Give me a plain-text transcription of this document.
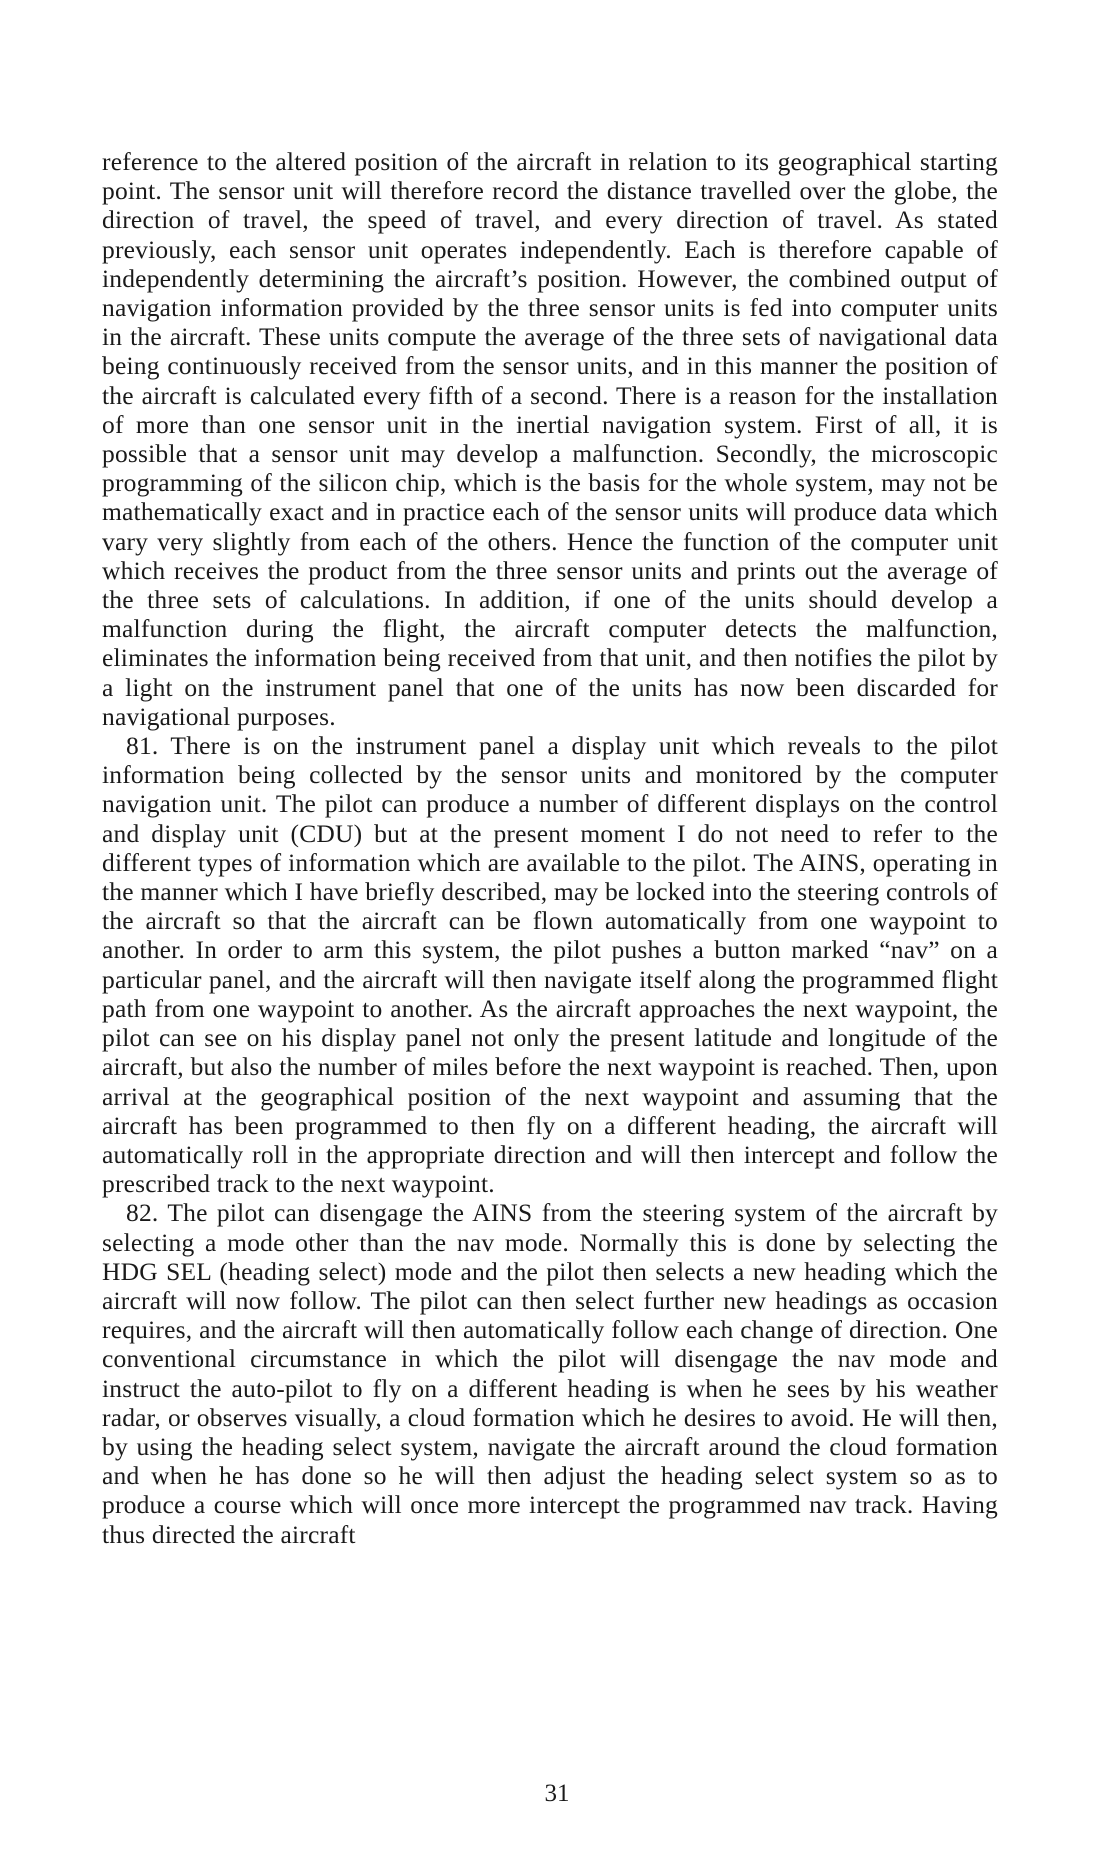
reference to the altered position of the aircraft in relation to its geographical starting point. The sensor unit will therefore record the distance travelled over the globe, the direction of travel, the speed of travel, and every direction of travel. As stated previously, each sensor unit operates independently. Each is therefore capable of independently determining the aircraft’s position. However, the combined output of navigation information provided by the three sensor units is fed into computer units in the aircraft. These units compute the average of the three sets of navigational data being continuously received from the sensor units, and in this manner the position of the aircraft is calculated every fifth of a second. There is a reason for the installation of more than one sensor unit in the inertial navigation system. First of all, it is possible that a sensor unit may develop a malfunction. Secondly, the microscopic programming of the silicon chip, which is the basis for the whole system, may not be mathematically exact and in practice each of the sensor units will produce data which vary very slightly from each of the others. Hence the function of the computer unit which receives the product from the three sensor units and prints out the average of the three sets of calculations. In addition, if one of the units should develop a malfunction during the flight, the aircraft computer detects the malfunction, eliminates the information being received from that unit, and then notifies the pilot by a light on the instrument panel that one of the units has now been discarded for navigational purposes.

81. There is on the instrument panel a display unit which reveals to the pilot information being collected by the sensor units and monitored by the computer navigation unit. The pilot can produce a number of different displays on the control and display unit (CDU) but at the present moment I do not need to refer to the different types of information which are available to the pilot. The AINS, operating in the manner which I have briefly described, may be locked into the steering controls of the aircraft so that the aircraft can be flown automatically from one waypoint to another. In order to arm this system, the pilot pushes a button marked “nav” on a particular panel, and the aircraft will then navigate itself along the programmed flight path from one waypoint to another. As the aircraft approaches the next waypoint, the pilot can see on his display panel not only the present latitude and longitude of the aircraft, but also the number of miles before the next waypoint is reached. Then, upon arrival at the geographical position of the next waypoint and assuming that the aircraft has been programmed to then fly on a different heading, the aircraft will automatically roll in the appropriate direction and will then intercept and follow the prescribed track to the next waypoint.

82. The pilot can disengage the AINS from the steering system of the aircraft by selecting a mode other than the nav mode. Normally this is done by selecting the HDG SEL (heading select) mode and the pilot then selects a new heading which the aircraft will now follow. The pilot can then select further new headings as occasion requires, and the aircraft will then automatically follow each change of direction. One conventional circumstance in which the pilot will disengage the nav mode and instruct the auto-pilot to fly on a different heading is when he sees by his weather radar, or observes visually, a cloud formation which he desires to avoid. He will then, by using the heading select system, navigate the aircraft around the cloud formation and when he has done so he will then adjust the heading select system so as to produce a course which will once more intercept the programmed nav track. Having thus directed the aircraft

31
